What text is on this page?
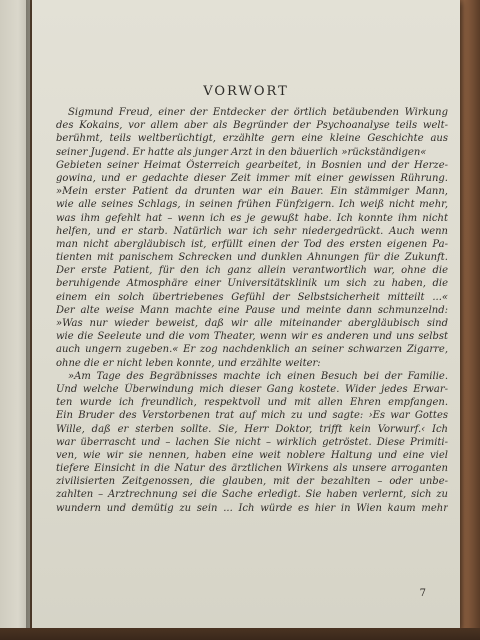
VORWORT
Sigmund Freud, einer der Entdecker der örtlich betäubenden Wirkung
des Kokains, vor allem aber als Begründer der Psychoanalyse teils welt-
berühmt, teils weltberüchtigt, erzählte gern eine kleine Geschichte aus
seiner Jugend. Er hatte als junger Arzt in den bäuerlich »rückständigen«
Gebieten seiner Heimat Österreich gearbeitet, in Bosnien und der Herze-
gowina, und er gedachte dieser Zeit immer mit einer gewissen Rührung.
»Mein erster Patient da drunten war ein Bauer. Ein stämmiger Mann,
wie alle seines Schlags, in seinen frühen Fünfzigern. Ich weiß nicht mehr,
was ihm gefehlt hat – wenn ich es je gewußt habe. Ich konnte ihm nicht
helfen, und er starb. Natürlich war ich sehr niedergedrückt. Auch wenn
man nicht abergläubisch ist, erfüllt einen der Tod des ersten eigenen Pa-
tienten mit panischem Schrecken und dunklen Ahnungen für die Zukunft.
Der erste Patient, für den ich ganz allein verantwortlich war, ohne die
beruhigende Atmosphäre einer Universitätsklinik um sich zu haben, die
einem ein solch übertriebenes Gefühl der Selbstsicherheit mitteilt ...«
Der alte weise Mann machte eine Pause und meinte dann schmunzelnd:
»Was nur wieder beweist, daß wir alle miteinander abergläubisch sind
wie die Seeleute und die vom Theater, wenn wir es anderen und uns selbst
auch ungern zugeben.« Er zog nachdenklich an seiner schwarzen Zigarre,
ohne die er nicht leben konnte, und erzählte weiter:
»Am Tage des Begräbnisses machte ich einen Besuch bei der Familie.
Und welche Überwindung mich dieser Gang kostete. Wider jedes Erwar-
ten wurde ich freundlich, respektvoll und mit allen Ehren empfangen.
Ein Bruder des Verstorbenen trat auf mich zu und sagte: ›Es war Gottes
Wille, daß er sterben sollte. Sie, Herr Doktor, trifft kein Vorwurf.‹ Ich
war überrascht und – lachen Sie nicht – wirklich getröstet. Diese Primiti-
ven, wie wir sie nennen, haben eine weit noblere Haltung und eine viel
tiefere Einsicht in die Natur des ärztlichen Wirkens als unsere arroganten
zivilisierten Zeitgenossen, die glauben, mit der bezahlten – oder unbe-
zahlten – Arztrechnung sei die Sache erledigt. Sie haben verlernt, sich zu
wundern und demütig zu sein ... Ich würde es hier in Wien kaum mehr
7
